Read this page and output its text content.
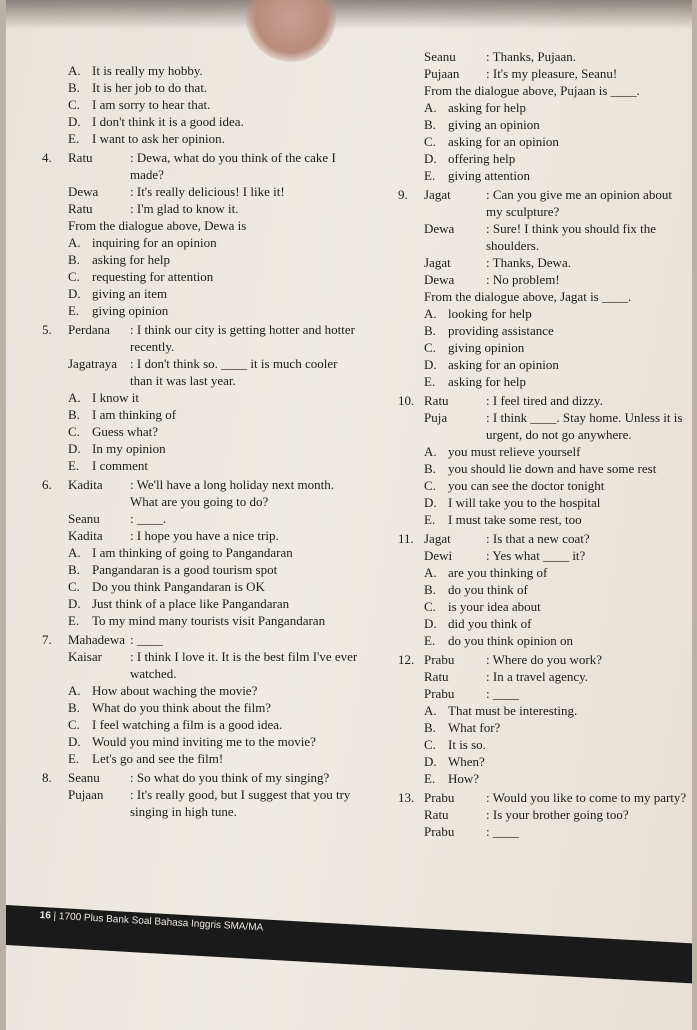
A. It is really my hobby.
B. It is her job to do that.
C. I am sorry to hear that.
D. I don't think it is a good idea.
E. I want to ask her opinion.
4.	Ratu	: Dewa, what do you think of the cake I made?
Dewa	: It's really delicious! I like it!
Ratu	: I'm glad to know it.
From the dialogue above, Dewa is
A. inquiring for an opinion
B. asking for help
C. requesting for attention
D. giving an item
E. giving opinion
5.	Perdana	: I think our city is getting hotter and hotter recently.
Jagatraya : I don't think so. ____ it is much cooler than it was last year.
A. I know it
B. I am thinking of
C. Guess what?
D. In my opinion
E. I comment
6.	Kadita	: We'll have a long holiday next month. What are you going to do?
Seanu	: ____.
Kadita	: I hope you have a nice trip.
A. I am thinking of going to Pangandaran
B. Pangandaran is a good tourism spot
C. Do you think Pangandaran is OK
D. Just think of a place like Pangandaran
E. To my mind many tourists visit Pangandaran
7.	Mahadewa : ____
Kaisar	: I think I love it. It is the best film I've ever watched.
A. How about waching the movie?
B. What do you think about the film?
C. I feel watching a film is a good idea.
D. Would you mind inviting me to the movie?
E. Let's go and see the film!
8.	Seanu	: So what do you think of my singing?
Pujaan	: It's really good, but I suggest that you try singing in high tune.
Seanu	: Thanks, Pujaan.
Pujaan	: It's my pleasure, Seanu!
From the dialogue above, Pujaan is ____.
A. asking for help
B. giving an opinion
C. asking for an opinion
D. offering help
E. giving attention
9.	Jagat	: Can you give me an opinion about my sculpture?
Dewa	: Sure! I think you should fix the shoulders.
Jagat	: Thanks, Dewa.
Dewa	: No problem!
From the dialogue above, Jagat is ____.
A. looking for help
B. providing assistance
C. giving opinion
D. asking for an opinion
E. asking for help
10. Ratu	: I feel tired and dizzy.
Puja	: I think ____. Stay home. Unless it is urgent, do not go anywhere.
A. you must relieve yourself
B. you should lie down and have some rest
C. you can see the doctor tonight
D. I will take you to the hospital
E. I must take some rest, too
11. Jagat	: Is that a new coat?
Dewi	: Yes what ____ it?
A. are you thinking of
B. do you think of
C. is your idea about
D. did you think of
E. do you think opinion on
12. Prabu	: Where do you work?
Ratu	: In a travel agency.
Prabu	: ____
A. That must be interesting.
B. What for?
C. It is so.
D. When?
E. How?
13. Prabu	: Would you like to come to my party?
Ratu	: Is your brother going too?
Prabu	: ____
16 | 1700 Plus Bank Soal Bahasa Inggris SMA/MA
